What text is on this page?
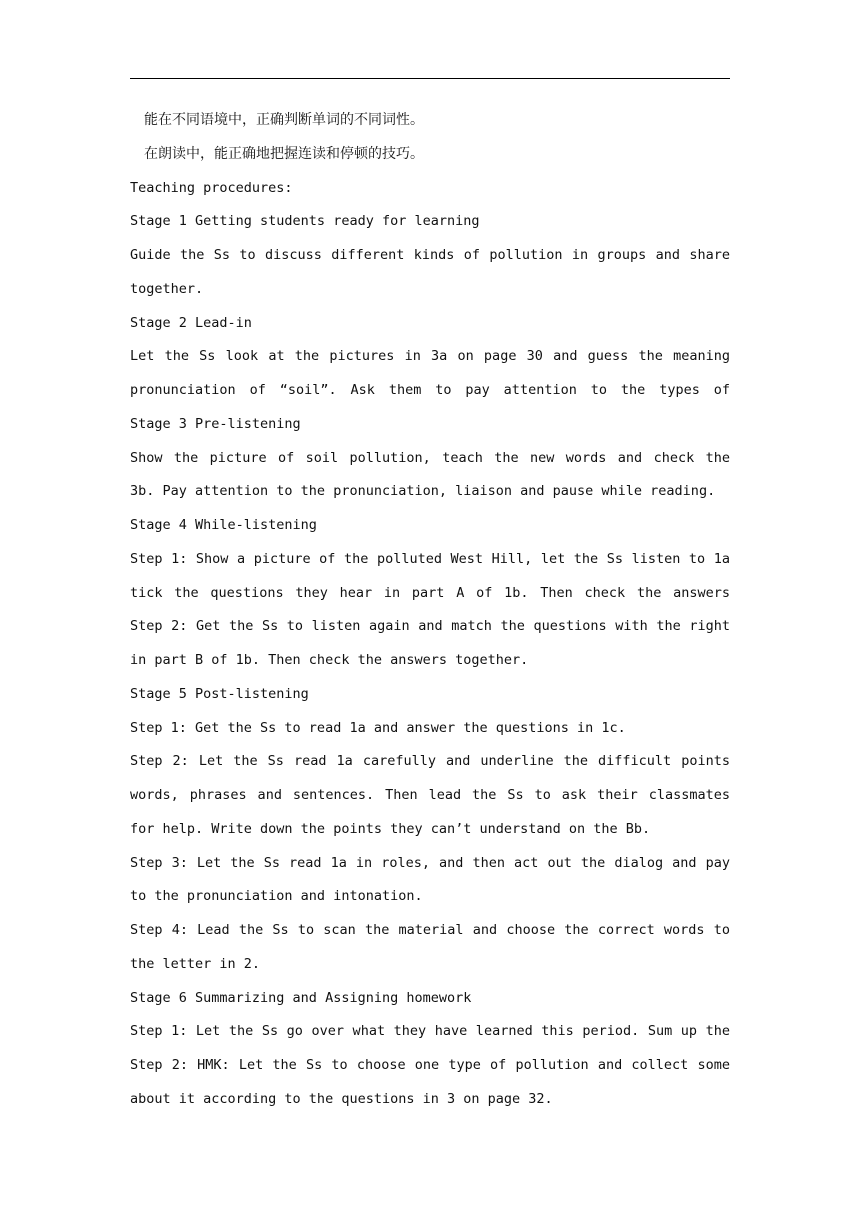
能在不同语境中，正确判断单词的不同词性。
在朗读中，能正确地把握连读和停顿的技巧。
Teaching procedures:
Stage 1 Getting students ready for learning
Guide the Ss to discuss different kinds of pollution in groups and share
together.
Stage 2 Lead-in
Let the Ss look at the pictures in 3a on page 30 and guess the meaning
pronunciation of “soil”. Ask them to pay attention to the types of
Stage 3 Pre-listening
Show the picture of soil pollution, teach the new words and check the
3b. Pay attention to the pronunciation, liaison and pause while reading.
Stage 4 While-listening
Step 1: Show a picture of the polluted West Hill, let the Ss listen to 1a
tick the questions they hear in part A of 1b. Then check the answers
Step 2: Get the Ss to listen again and match the questions with the right
in part B of 1b. Then check the answers together.
Stage 5 Post-listening
Step 1: Get the Ss to read 1a and answer the questions in 1c.
Step 2: Let the Ss read 1a carefully and underline the difficult points
words, phrases and sentences. Then lead the Ss to ask their classmates
for help. Write down the points they can’t understand on the Bb.
Step 3: Let the Ss read 1a in roles, and then act out the dialog and pay
to the pronunciation and intonation.
Step 4: Lead the Ss to scan the material and choose the correct words to
the letter in 2.
Stage 6 Summarizing and Assigning homework
Step 1: Let the Ss go over what they have learned this period. Sum up the
Step 2: HMK: Let the Ss to choose one type of pollution and collect some
about it according to the questions in 3 on page 32.
